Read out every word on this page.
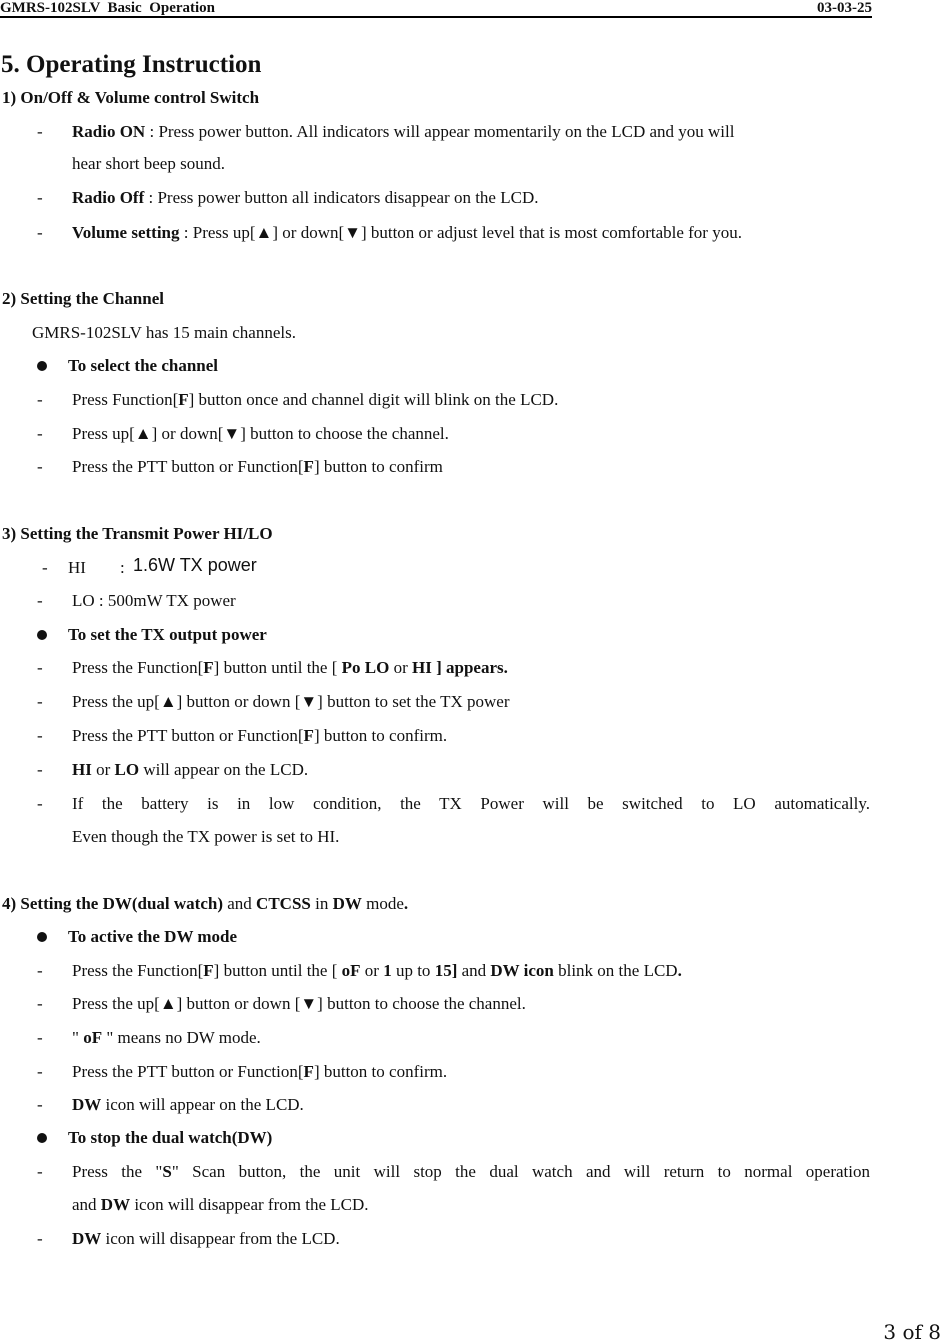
GMRS-102SLV  Basic  Operation	03-03-25
5. Operating Instruction
1) On/Off & Volume control Switch
- Radio ON : Press power button. All indicators will appear momentarily on the LCD and you will
hear short beep sound.
- Radio Off : Press power button all indicators disappear on the LCD.
- Volume setting : Press up[▲] or down[▼] button or adjust level that is most comfortable for you.
2) Setting the Channel
GMRS-102SLV has 15 main channels.
To select the channel
- Press Function[F] button once and channel digit will blink on the LCD.
- Press up[▲] or down[▼] button to choose the channel.
- Press the PTT button or Function[F] button to confirm
3) Setting the Transmit Power HI/LO
- HI : 1.6W TX power
- LO : 500mW TX power
To set the TX output power
- Press the Function[F] button until the [ Po LO or HI ] appears.
- Press the up[▲] button or down [▼] button to set the TX power
- Press the PTT button or Function[F] button to confirm.
- HI or LO will appear on the LCD.
- If the battery is in low condition, the TX Power will be switched to LO automatically.
Even though the TX power is set to HI.
4) Setting the DW(dual watch) and CTCSS in DW mode.
To active the DW mode
- Press the Function[F] button until the [ oF or 1 up to 15] and DW icon blink on the LCD.
- Press the up[▲] button or down [▼] button to choose the channel.
- " oF " means no DW mode.
- Press the PTT button or Function[F] button to confirm.
- DW icon will appear on the LCD.
To stop the dual watch(DW)
- Press the "S" Scan button, the unit will stop the dual watch and will return to normal operation
and DW icon will disappear from the LCD.
- DW icon will disappear from the LCD.
3 of 8
